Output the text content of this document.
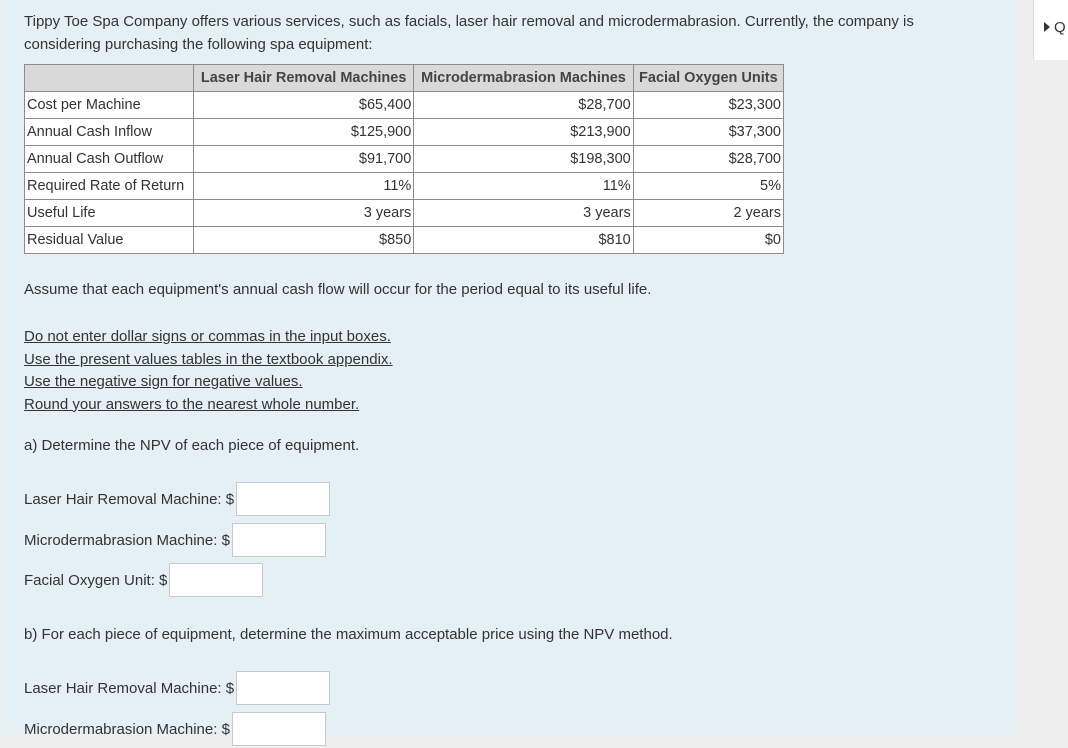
Tippy Toe Spa Company offers various services, such as facials, laser hair removal and microdermabrasion. Currently, the company is considering purchasing the following spa equipment:

	Laser Hair Removal Machines	Microdermabrasion Machines	Facial Oxygen Units
Cost per Machine	$65,400	$28,700	$23,300
Annual Cash Inflow	$125,900	$213,900	$37,300
Annual Cash Outflow	$91,700	$198,300	$28,700
Required Rate of Return	11%	11%	5%
Useful Life	3 years	3 years	2 years
Residual Value	$850	$810	$0

Assume that each equipment's annual cash flow will occur for the period equal to its useful life.

Do not enter dollar signs or commas in the input boxes.
Use the present values tables in the textbook appendix.
Use the negative sign for negative values.
Round your answers to the nearest whole number.

a) Determine the NPV of each piece of equipment.

Laser Hair Removal Machine: $
Microdermabrasion Machine: $
Facial Oxygen Unit: $

b) For each piece of equipment, determine the maximum acceptable price using the NPV method.

Laser Hair Removal Machine: $
Microdermabrasion Machine: $
Q
